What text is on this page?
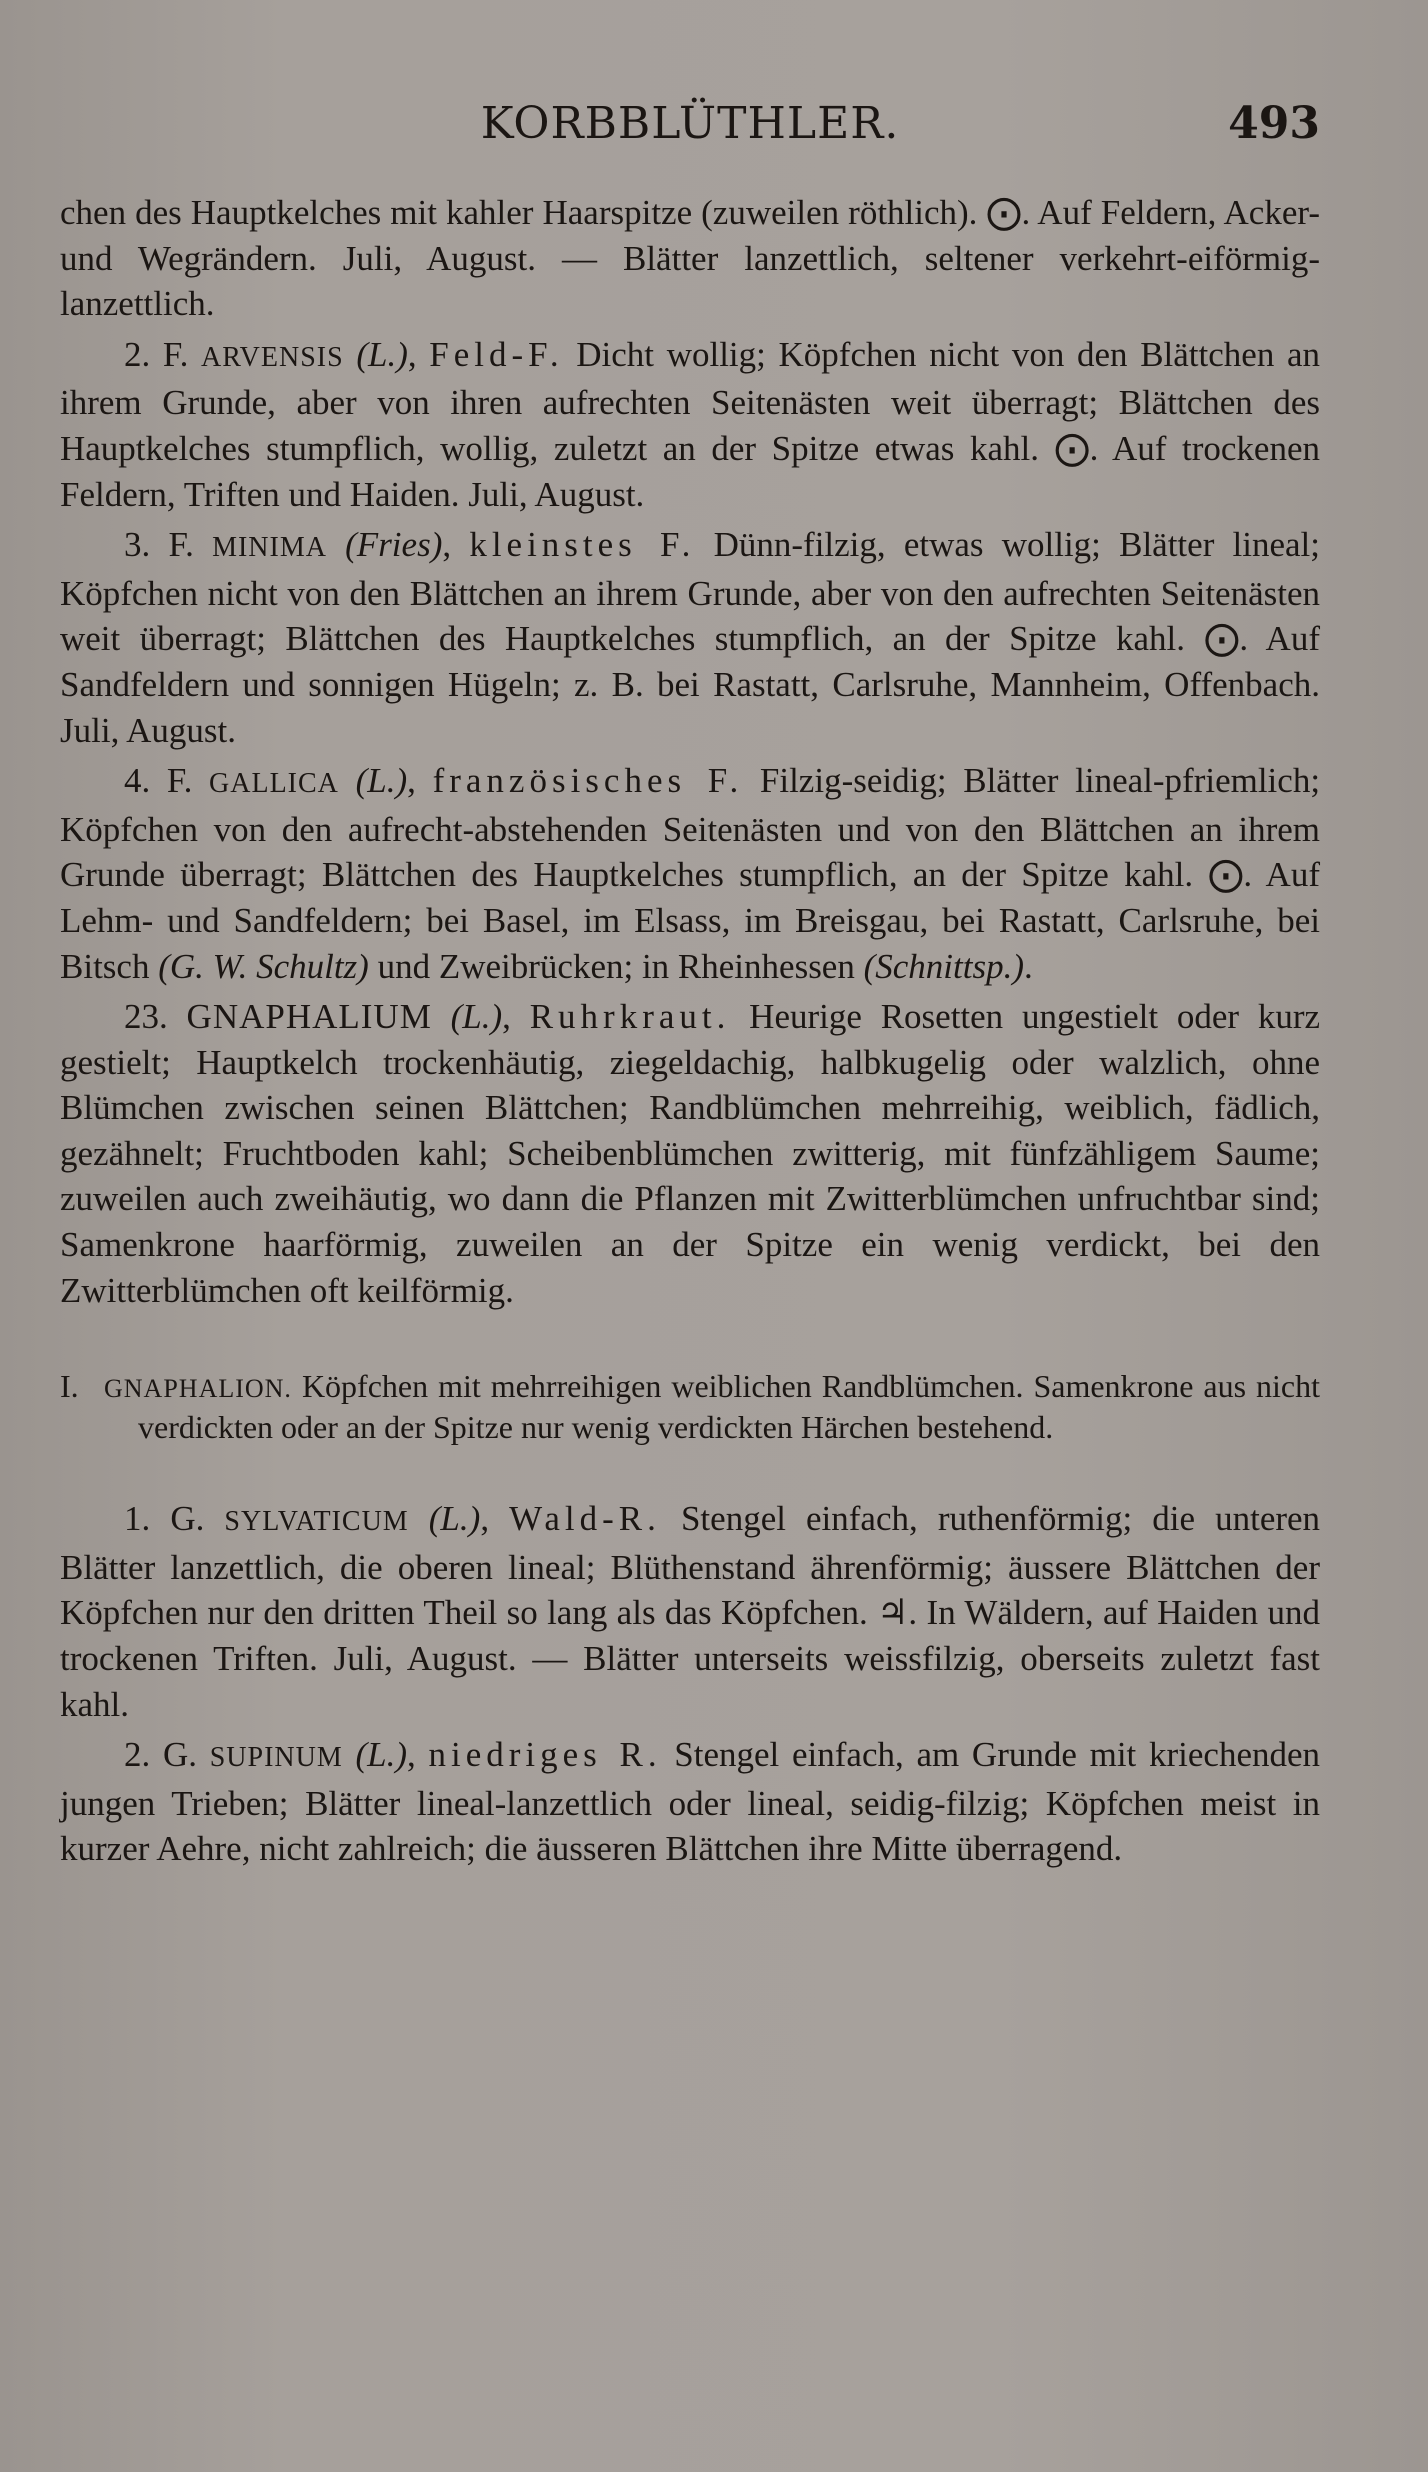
KORBBLÜTHLER.	493

chen des Hauptkelches mit kahler Haarspitze (zuweilen röthlich). ⨀. Auf Feldern, Acker- und Wegrändern. Juli, August. — Blätter lanzettlich, seltener verkehrt-eiförmig-lanzettlich.

2. F. ARVENSIS (L.), Feld-F. Dicht wollig; Köpfchen nicht von den Blättchen an ihrem Grunde, aber von ihren aufrechten Seitenästen weit überragt; Blättchen des Hauptkelches stumpflich, wollig, zuletzt an der Spitze etwas kahl. ⨀. Auf trockenen Feldern, Triften und Haiden. Juli, August.

3. F. MINIMA (Fries), kleinstes F. Dünn-filzig, etwas wollig; Blätter lineal; Köpfchen nicht von den Blättchen an ihrem Grunde, aber von den aufrechten Seitenästen weit überragt; Blättchen des Hauptkelches stumpflich, an der Spitze kahl. ⨀. Auf Sandfeldern und sonnigen Hügeln; z. B. bei Rastatt, Carlsruhe, Mannheim, Offenbach. Juli, August.

4. F. GALLICA (L.), französisches F. Filzig-seidig; Blätter lineal-pfriemlich; Köpfchen von den aufrecht-abstehenden Seitenästen und von den Blättchen an ihrem Grunde überragt; Blättchen des Hauptkelches stumpflich, an der Spitze kahl. ⨀. Auf Lehm- und Sandfeldern; bei Basel, im Elsass, im Breisgau, bei Rastatt, Carlsruhe, bei Bitsch (G. W. Schultz) und Zweibrücken; in Rheinhessen (Schnittsp.).

23. GNAPHALIUM (L.), Ruhrkraut. Heurige Rosetten ungestielt oder kurz gestielt; Hauptkelch trockenhäutig, ziegeldachig, halbkugelig oder walzlich, ohne Blümchen zwischen seinen Blättchen; Randblümchen mehrreihig, weiblich, fädlich, gezähnelt; Fruchtboden kahl; Scheibenblümchen zwitterig, mit fünfzähligem Saume; zuweilen auch zweihäutig, wo dann die Pflanzen mit Zwitterblümchen unfruchtbar sind; Samenkrone haarförmig, zuweilen an der Spitze ein wenig verdickt, bei den Zwitterblümchen oft keilförmig.

I. GNAPHALION. Köpfchen mit mehrreihigen weiblichen Randblümchen. Samenkrone aus nicht verdickten oder an der Spitze nur wenig verdickten Härchen bestehend.

1. G. SYLVATICUM (L.), Wald-R. Stengel einfach, ruthenförmig; die unteren Blätter lanzettlich, die oberen lineal; Blüthenstand ährenförmig; äussere Blättchen der Köpfchen nur den dritten Theil so lang als das Köpfchen. ♃. In Wäldern, auf Haiden und trockenen Triften. Juli, August. — Blätter unterseits weissfilzig, oberseits zuletzt fast kahl.

2. G. SUPINUM (L.), niedriges R. Stengel einfach, am Grunde mit kriechenden jungen Trieben; Blätter lineal-lanzettlich oder lineal, seidig-filzig; Köpfchen meist in kurzer Aehre, nicht zahlreich; die äusseren Blättchen ihre Mitte überragend.
